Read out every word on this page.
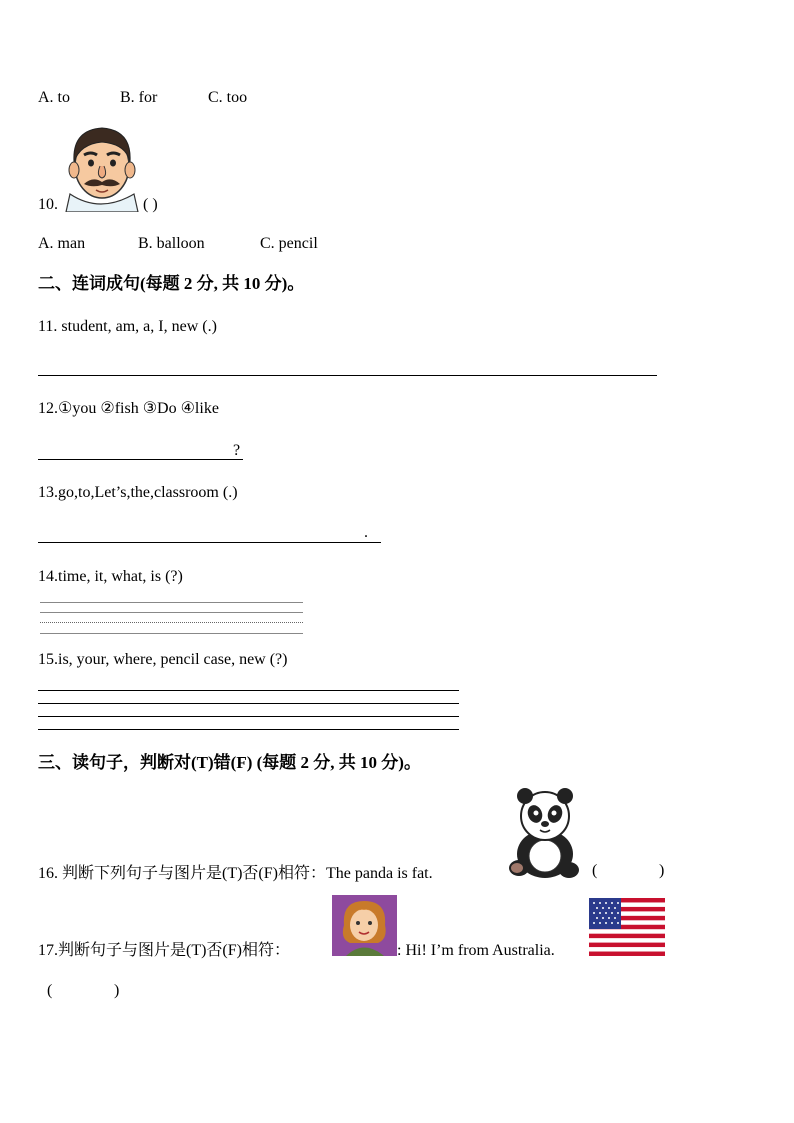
A. to	B. for	C. too
10.	( )
A. man	B. balloon	C. pencil
二、连词成句(每题 2 分, 共 10 分)。
11. student, am, a, I, new (.)
12.①you ②fish ③Do ④like
?
13.go,to,Let’s,the,classroom (.)
.
14.time, it, what, is (?)
15.is, your, where, pencil case, new (?)
三、读句子，判断对(T)错(F) (每题 2 分, 共 10 分)。
16. 判断下列句子与图片是(T)否(F)相符：The panda is fat.	(	)
17.判断句子与图片是(T)否(F)相符：	: Hi! I’m from Australia.
(	)
